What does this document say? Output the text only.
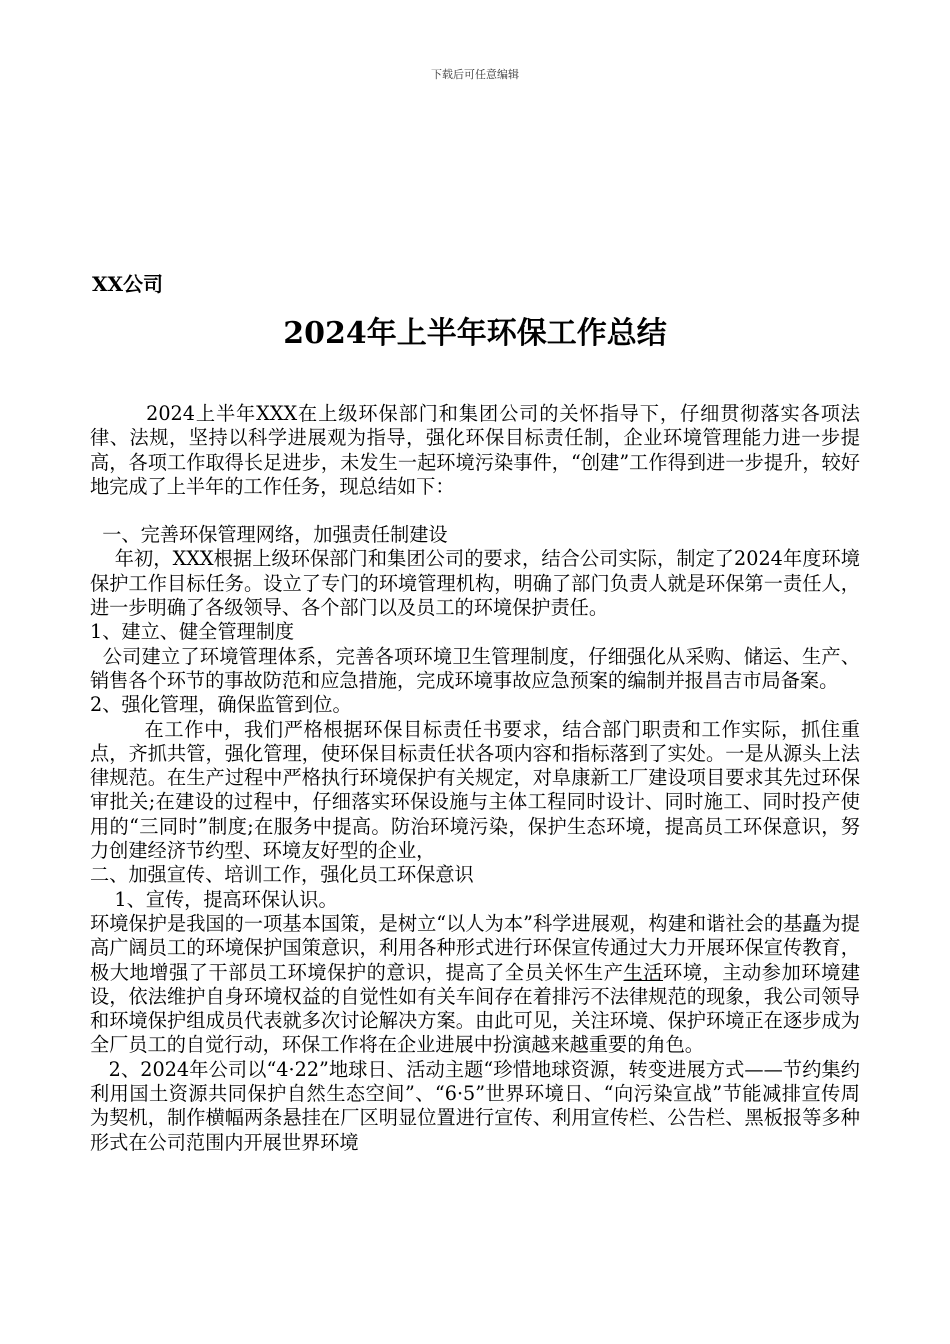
下载后可任意编辑
XX公司
2024年上半年环保工作总结

2024上半年XXX在上级环保部门和集团公司的关怀指导下，仔细贯彻落实各项法律、法规，坚持以科学进展观为指导，强化环保目标责任制，企业环境管理能力进一步提高，各项工作取得长足进步，未发生一起环境污染事件，“创建”工作得到进一步提升，较好地完成了上半年的工作任务，现总结如下：

一、完善环保管理网络，加强责任制建设

年初，XXX根据上级环保部门和集团公司的要求，结合公司实际，制定了2024年度环境保护工作目标任务。设立了专门的环境管理机构，明确了部门负责人就是环保第一责任人，进一步明确了各级领导、各个部门以及员工的环境保护责任。

1、建立、健全管理制度

公司建立了环境管理体系，完善各项环境卫生管理制度，仔细强化从采购、储运、生产、销售各个环节的事故防范和应急措施，完成环境事故应急预案的编制并报昌吉市局备案。

2、强化管理，确保监管到位。

在工作中，我们严格根据环保目标责任书要求，结合部门职责和工作实际，抓住重点，齐抓共管，强化管理，使环保目标责任状各项内容和指标落到了实处。一是从源头上法律规范。在生产过程中严格执行环境保护有关规定，对阜康新工厂建设项目要求其先过环保审批关;在建设的过程中，仔细落实环保设施与主体工程同时设计、同时施工、同时投产使用的“三同时”制度;在服务中提高。防治环境污染，保护生态环境，提高员工环保意识，努力创建经济节约型、环境友好型的企业，

二、加强宣传、培训工作，强化员工环保意识

1、宣传，提高环保认识。

环境保护是我国的一项基本国策，是树立“以人为本”科学进展观，构建和谐社会的基矗为提高广阔员工的环境保护国策意识，利用各种形式进行环保宣传通过大力开展环保宣传教育，极大地增强了干部员工环境保护的意识，提高了全员关怀生产生活环境，主动参加环境建设，依法维护自身环境权益的自觉性如有关车间存在着排污不法律规范的现象，我公司领导和环境保护组成员代表就多次讨论解决方案。由此可见，关注环境、保护环境正在逐步成为全厂员工的自觉行动，环保工作将在企业进展中扮演越来越重要的角色。

2、2024年公司以“4·22”地球日、活动主题“珍惜地球资源，转变进展方式——节约集约利用国土资源共同保护自然生态空间”、“6·5”世界环境日、“向污染宣战”节能减排宣传周为契机，制作横幅两条悬挂在厂区明显位置进行宣传、利用宣传栏、公告栏、黑板报等多种形式在公司范围内开展世界环境
